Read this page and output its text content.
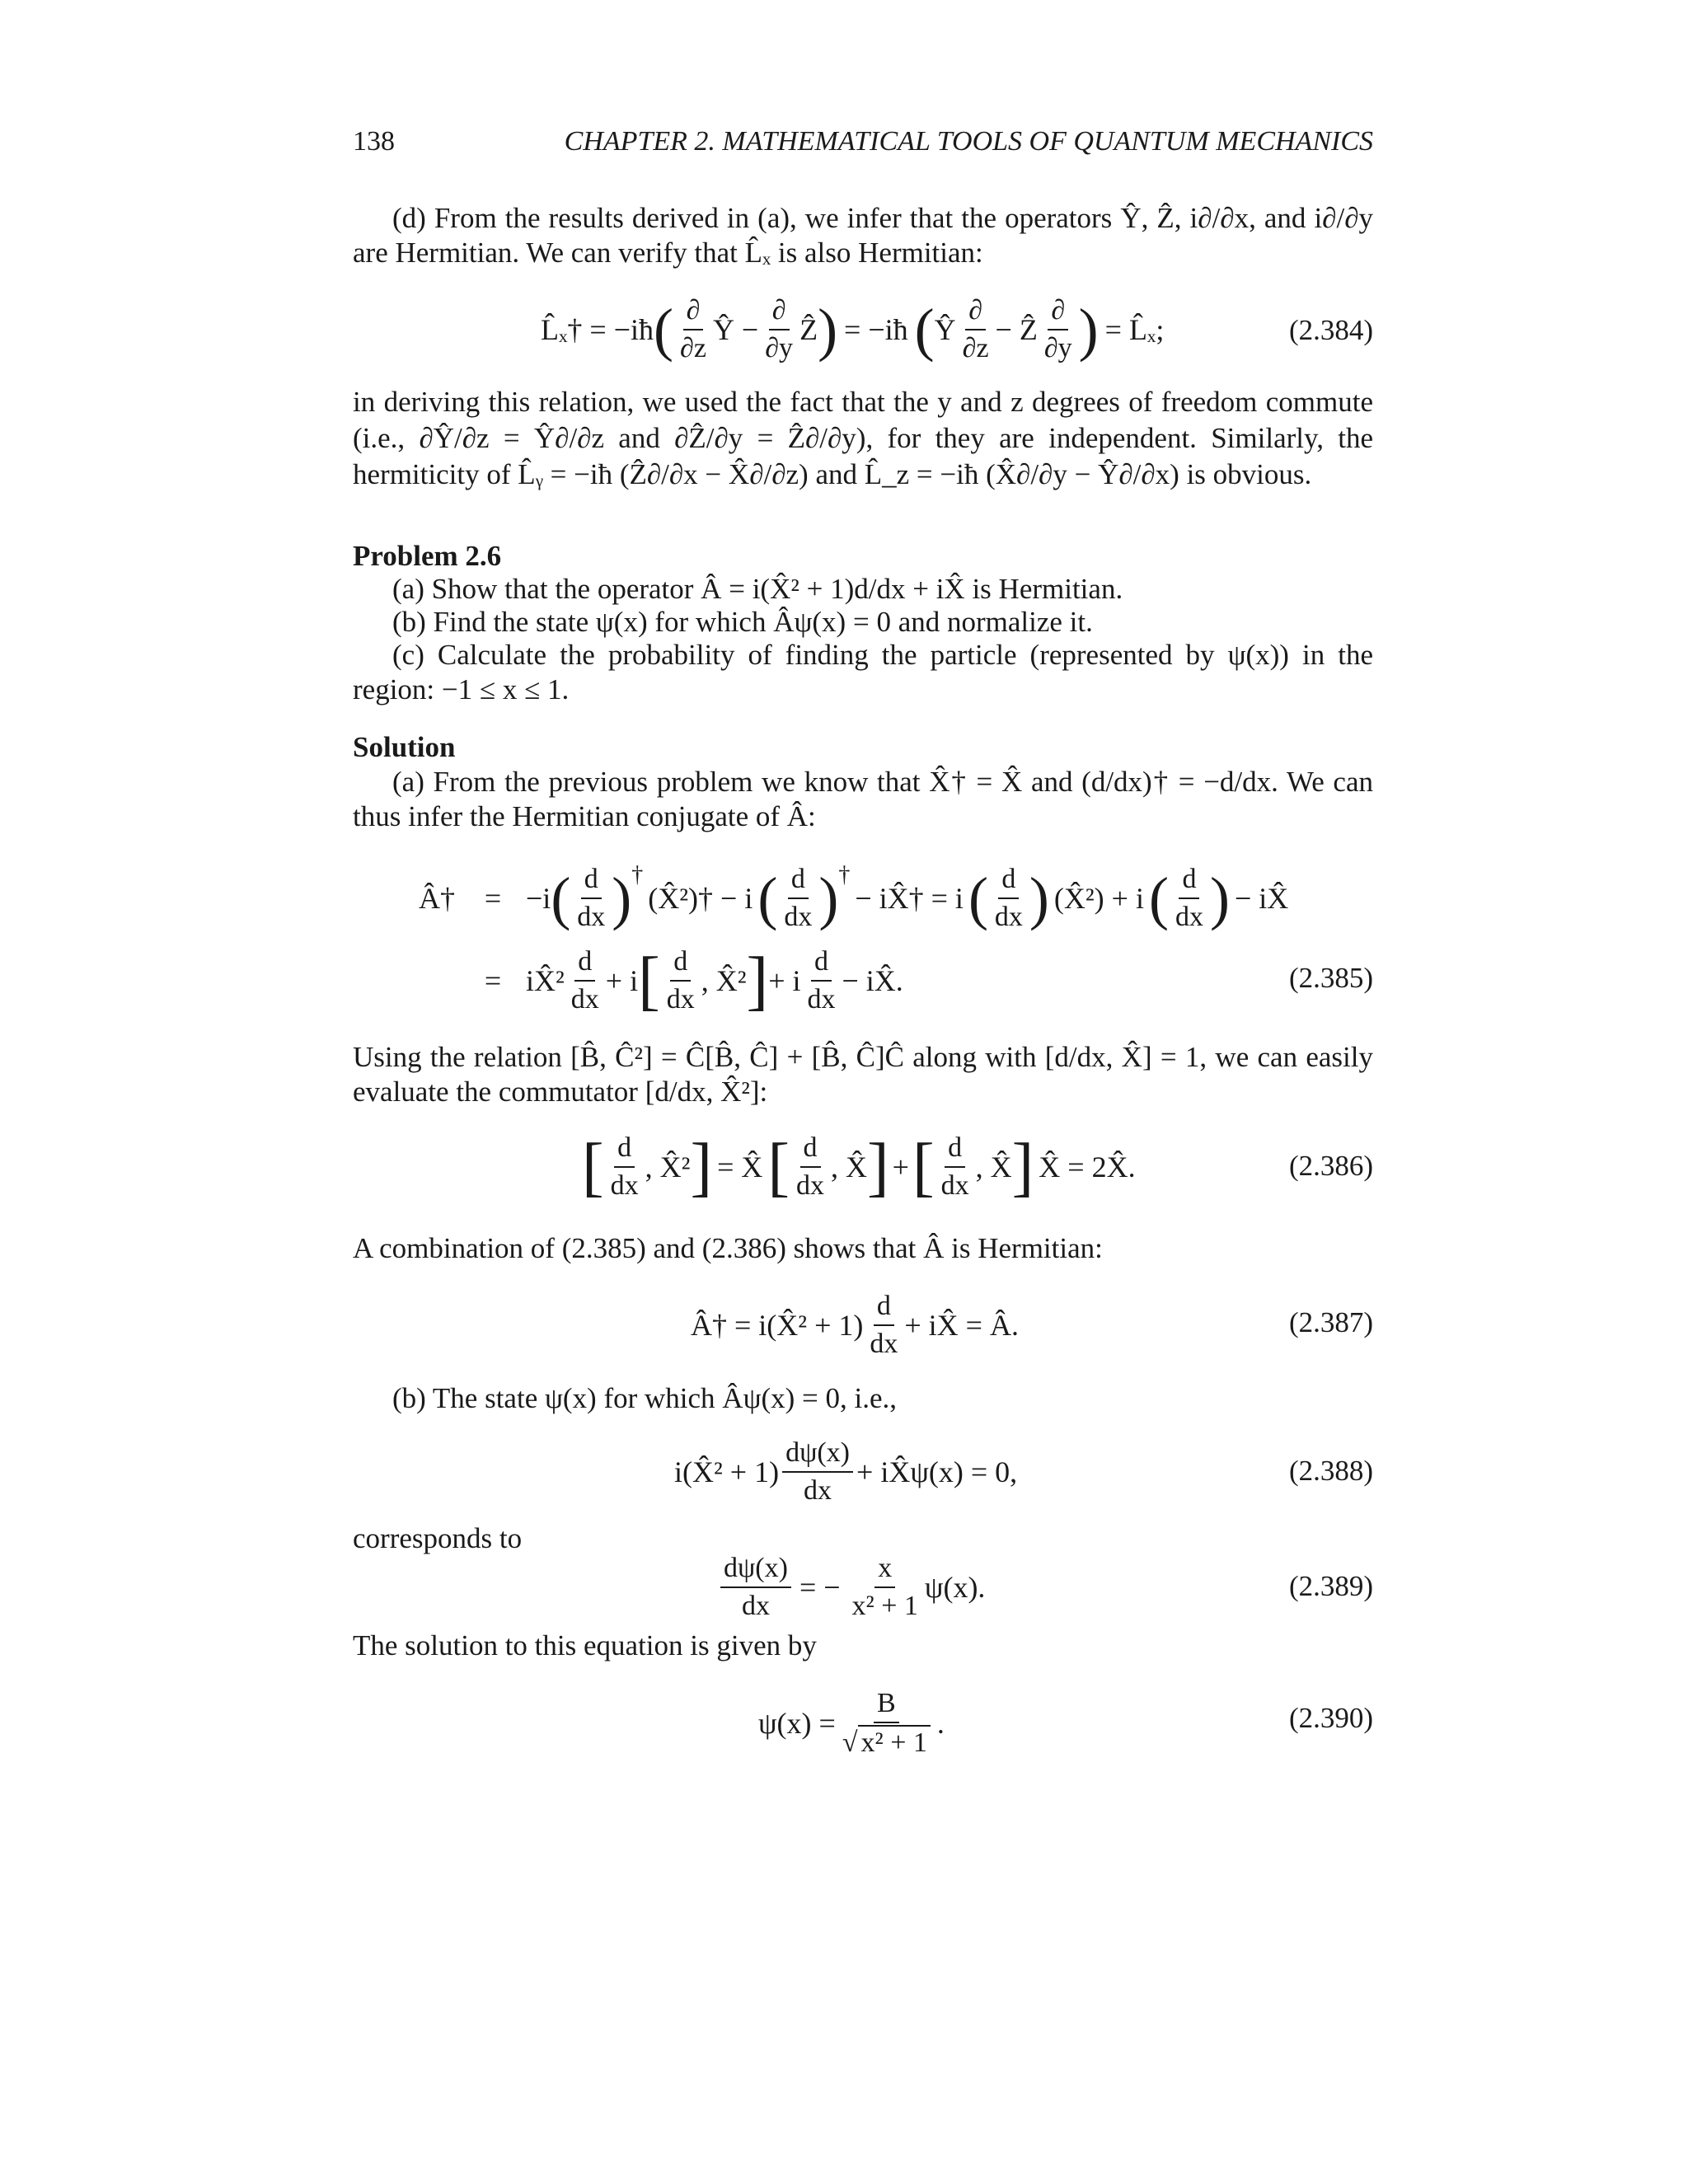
138	CHAPTER 2. MATHEMATICAL TOOLS OF QUANTUM MECHANICS
(d) From the results derived in (a), we infer that the operators Ŷ, Ẑ, i∂/∂x, and i∂/∂y are Hermitian. We can verify that L̂ₓ is also Hermitian:
L̂ₓ† = −iħ ( $\frac{\partial}{\partial z}$ Ŷ − $\frac{\partial}{\partial y}$ Ẑ ) = −iħ ( Ŷ $\frac{\partial}{\partial z}$ − Ẑ $\frac{\partial}{\partial y}$ ) = L̂ₓ;	(2.384)
in deriving this relation, we used the fact that the y and z degrees of freedom commute (i.e., ∂Ŷ/∂z = Ŷ∂/∂z and ∂Ẑ/∂y = Ẑ∂/∂y), for they are independent. Similarly, the hermiticity of L̂ᵧ = −iħ (Ẑ∂/∂x − X̂∂/∂z) and L̂_z = −iħ (X̂∂/∂y − Ŷ∂/∂x) is obvious.
Problem 2.6
(a) Show that the operator Â = i(X̂² + 1)d/dx + iX̂ is Hermitian.
(b) Find the state ψ(x) for which Âψ(x) = 0 and normalize it.
(c) Calculate the probability of finding the particle (represented by ψ(x)) in the region: −1 ≤ x ≤ 1.
Solution
(a) From the previous problem we know that X̂† = X̂ and (d/dx)† = −d/dx. We can thus infer the Hermitian conjugate of Â:
Â† = −i ( $\frac{d}{dx} )^\dagger$
(X̂²)† − i ( $\frac{d}{dx} )^\dagger$
− iX̂† = i ( $\frac{d}{dx}$ ) (X̂²) + i ( $\frac{d}{dx}$ ) − iX̂
= iX̂² $\frac{d}{dx} + i$ [ $\frac{d}{dx}$ , X̂² ] + i $\frac{d}{dx}$ − iX̂.	(2.385)
Using the relation [B̂, Ĉ²] = Ĉ[B̂, Ĉ] + [B̂, Ĉ]Ĉ along with [d/dx, X̂] = 1, we can easily evaluate the commutator [d/dx, X̂²]:
[ $\frac{d}{dx}$ , X̂² ] = X̂ [ $\frac{d}{dx}$ , X̂ ] + [ $\frac{d}{dx}$ , X̂ ] X̂ = 2X̂.	(2.386)
A combination of (2.385) and (2.386) shows that Â is Hermitian:
Â† = i(X̂² + $1) \frac{d}{dx}$ + iX̂ = Â.	(2.387)
(b) The state ψ(x) for which Âψ(x) = 0, i.e.,
i(X̂² + $1) \frac{d\psi(x)}{dx}$ + iX̂ψ(x) = 0,	(2.388)
corresponds to
$\frac{d\psi(x)}{dx}$ = − $\frac{x}{\text{x² + 1}} \psi(x)$.	(2.389)
The solution to this equation is given by
$\psi(x) = \frac{B}{\text{√ x² + 1}}$ .	(2.390)
